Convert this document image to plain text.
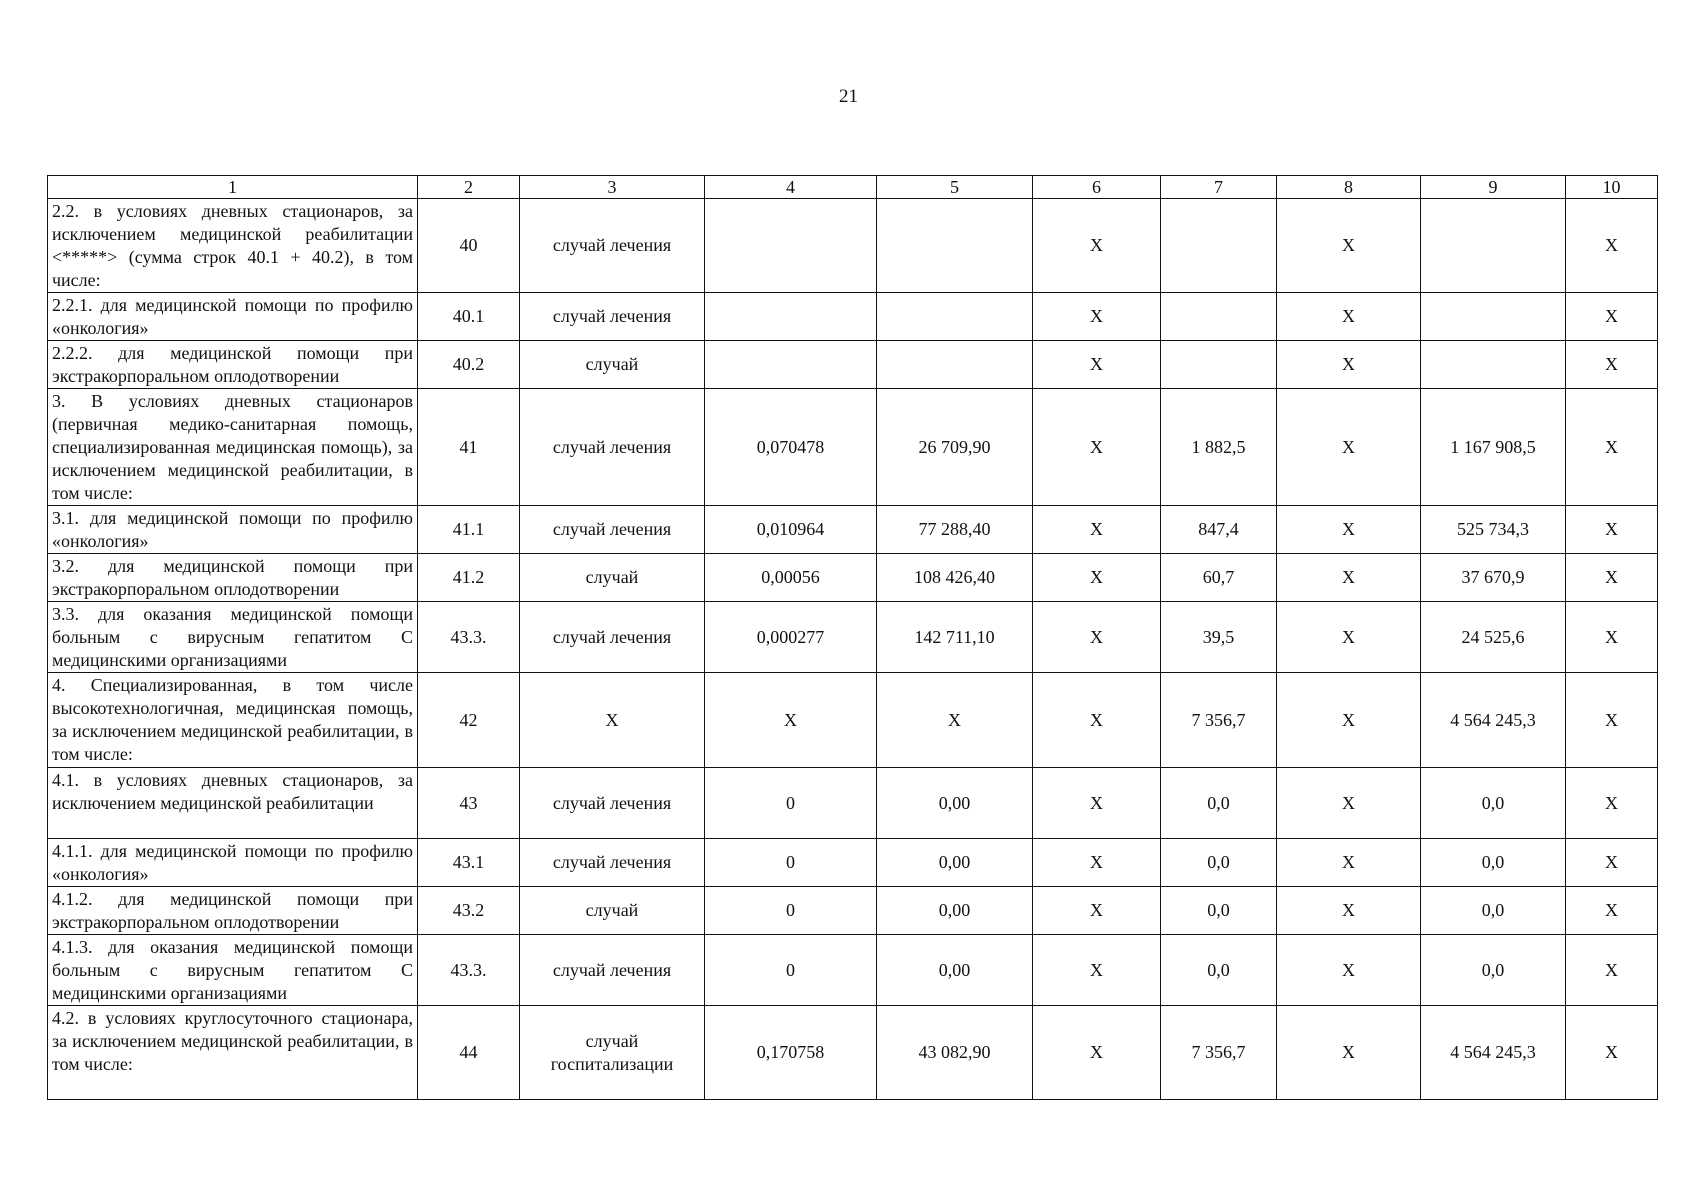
21
1	2	3	4	5	6	7	8	9	10
2.2. в условиях дневных стационаров, за исключением медицинской реабилитации <*****> (сумма строк 40.1 + 40.2), в том числе:	40	случай лечения			X		X		X
2.2.1. для медицинской помощи по профилю «онкология»	40.1	случай лечения			X		X		X
2.2.2. для медицинской помощи при экстракорпоральном оплодотворении	40.2	случай			X		X		X
3. В условиях дневных стационаров (первичная медико-санитарная помощь, специализированная медицинская помощь), за исключением медицинской реабилитации, в том числе:	41	случай лечения	0,070478	26 709,90	X	1 882,5	X	1 167 908,5	X
3.1. для медицинской помощи по профилю «онкология»	41.1	случай лечения	0,010964	77 288,40	X	847,4	X	525 734,3	X
3.2. для медицинской помощи при экстракорпоральном оплодотворении	41.2	случай	0,00056	108 426,40	X	60,7	X	37 670,9	X
3.3. для оказания медицинской помощи больным с вирусным гепатитом С медицинскими организациями	43.3.	случай лечения	0,000277	142 711,10	X	39,5	X	24 525,6	X
4. Специализированная, в том числе высокотехнологичная, медицинская помощь, за исключением медицинской реабилитации, в том числе:	42	X	X	X	X	7 356,7	X	4 564 245,3	X
4.1. в условиях дневных стационаров, за исключением медицинской реабилитации	43	случай лечения	0	0,00	X	0,0	X	0,0	X
4.1.1. для медицинской помощи по профилю «онкология»	43.1	случай лечения	0	0,00	X	0,0	X	0,0	X
4.1.2. для медицинской помощи при экстракорпоральном оплодотворении	43.2	случай	0	0,00	X	0,0	X	0,0	X
4.1.3. для оказания медицинской помощи больным с вирусным гепатитом С медицинскими организациями	43.3.	случай лечения	0	0,00	X	0,0	X	0,0	X
4.2. в условиях круглосуточного стационара, за исключением медицинской реабилитации, в том числе:	44	случай госпитализации	0,170758	43 082,90	X	7 356,7	X	4 564 245,3	X
